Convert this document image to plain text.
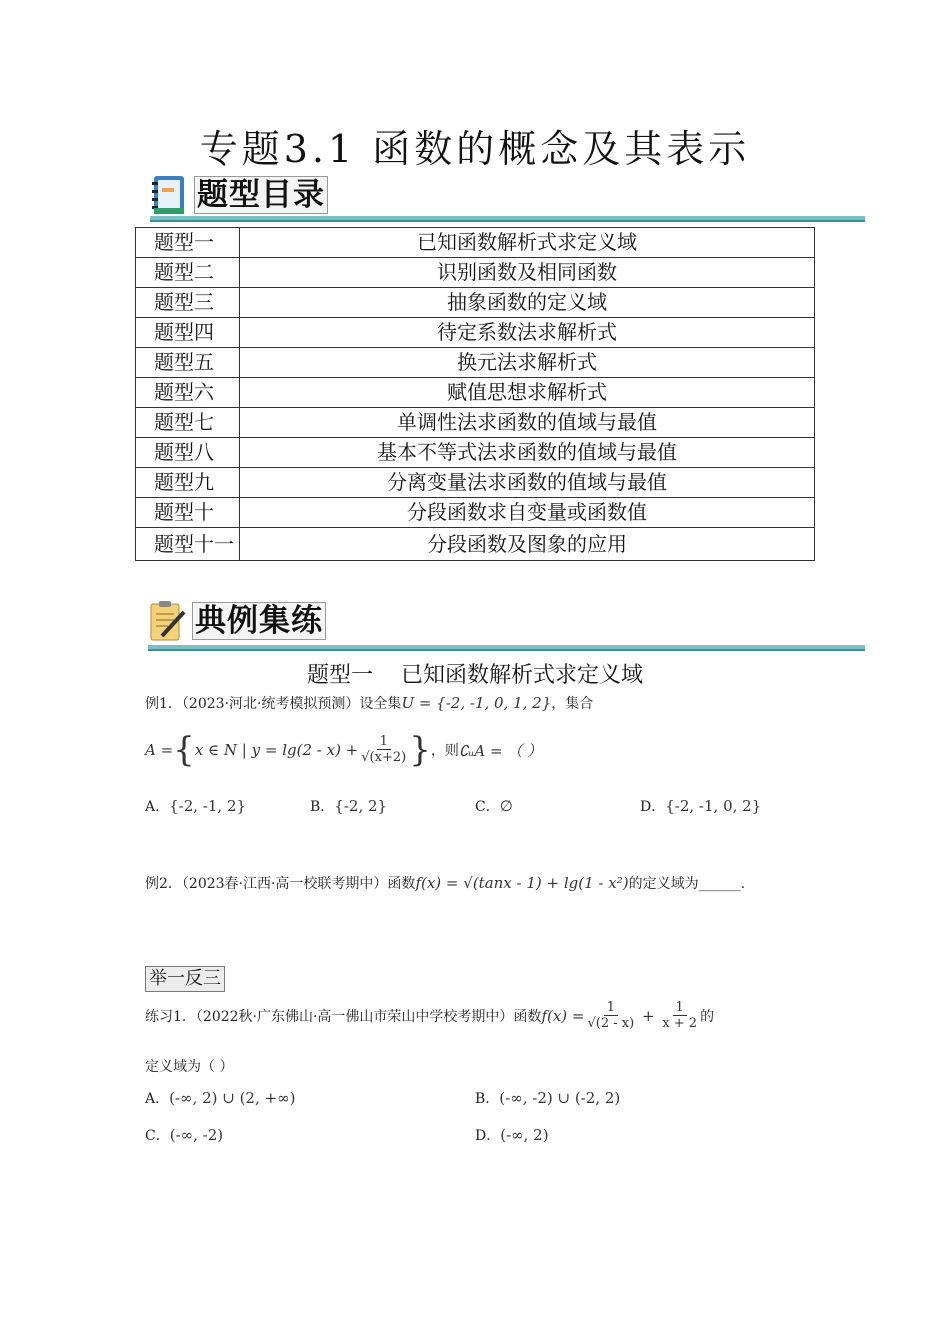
专题3.1 函数的概念及其表示
题型目录
题型一	已知函数解析式求定义域
题型二	识别函数及相同函数
题型三	抽象函数的定义域
题型四	待定系数法求解析式
题型五	换元法求解析式
题型六	赋值思想求解析式
题型七	单调性法求函数的值域与最值
题型八	基本不等式法求函数的值域与最值
题型九	分离变量法求函数的值域与最值
题型十	分段函数求自变量或函数值
题型十一	分段函数及图象的应用
典例集练
题型一    已知函数解析式求定义域
例1．（2023·河北·统考模拟预测）设全集U = {-2, -1, 0, 1, 2}，集合
A = { x ∈ N | $y = \lg(2 - x) + \frac{1}{√(x+2)}$ } ，则 ∁ᵤA = （ ）
A．{-2, -1, 2}	B．{-2, 2}	C．∅	D．{-2, -1, 0, 2}
例2．（2023春·江西·高一校联考期中）函数f(x) = √(tanx - 1) + lg(1 - x²)的定义域为______.
举一反三
练习1．（2022秋·广东佛山·高一佛山市荣山中学校考期中）函数 $f(x) = \frac{1}{√(2 - x)} + \frac{1}{x + 2}$ 的
定义域为（ ）
A．(-∞, 2) ∪ (2, +∞)	B．(-∞, -2) ∪ (-2, 2)
C．(-∞, -2)	D．(-∞, 2)
